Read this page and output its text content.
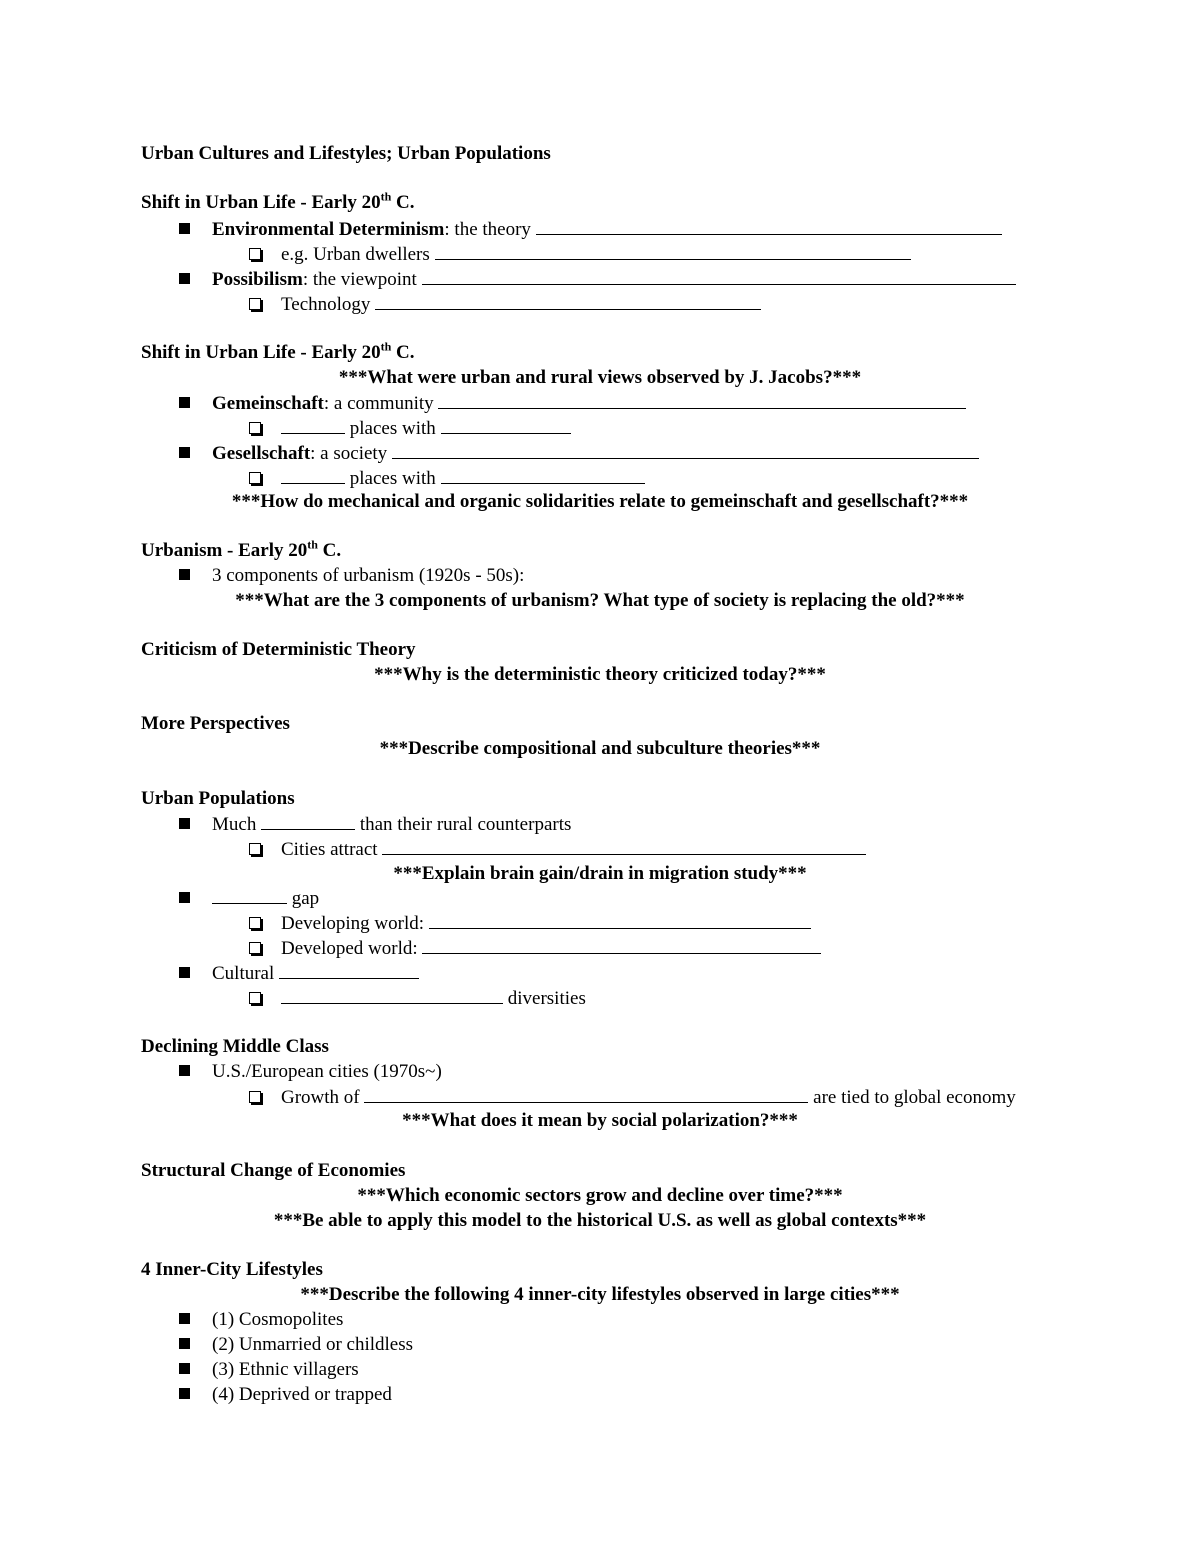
Urban Cultures and Lifestyles; Urban Populations
Shift in Urban Life - Early 20th C.
Environmental Determinism: the theory
e.g. Urban dwellers
Possibilism: the viewpoint
Technology
Shift in Urban Life - Early 20th C.
***What were urban and rural views observed by J. Jacobs?***
Gemeinschaft: a community
places with
Gesellschaft: a society
places with
***How do mechanical and organic solidarities relate to gemeinschaft and gesellschaft?***
Urbanism - Early 20th C.
3 components of urbanism (1920s - 50s):
***What are the 3 components of urbanism? What type of society is replacing the old?***
Criticism of Deterministic Theory
***Why is the deterministic theory criticized today?***
More Perspectives
***Describe compositional and subculture theories***
Urban Populations
Much	than their rural counterparts
Cities attract
***Explain brain gain/drain in migration study***
gap
Developing world:
Developed world:
Cultural
diversities
Declining Middle Class
U.S./European cities (1970s~)
Growth of	are tied to global economy
***What does it mean by social polarization?***
Structural Change of Economies
***Which economic sectors grow and decline over time?***
***Be able to apply this model to the historical U.S. as well as global contexts***
4 Inner-City Lifestyles
***Describe the following 4 inner-city lifestyles observed in large cities***
(1) Cosmopolites
(2) Unmarried or childless
(3) Ethnic villagers
(4) Deprived or trapped
